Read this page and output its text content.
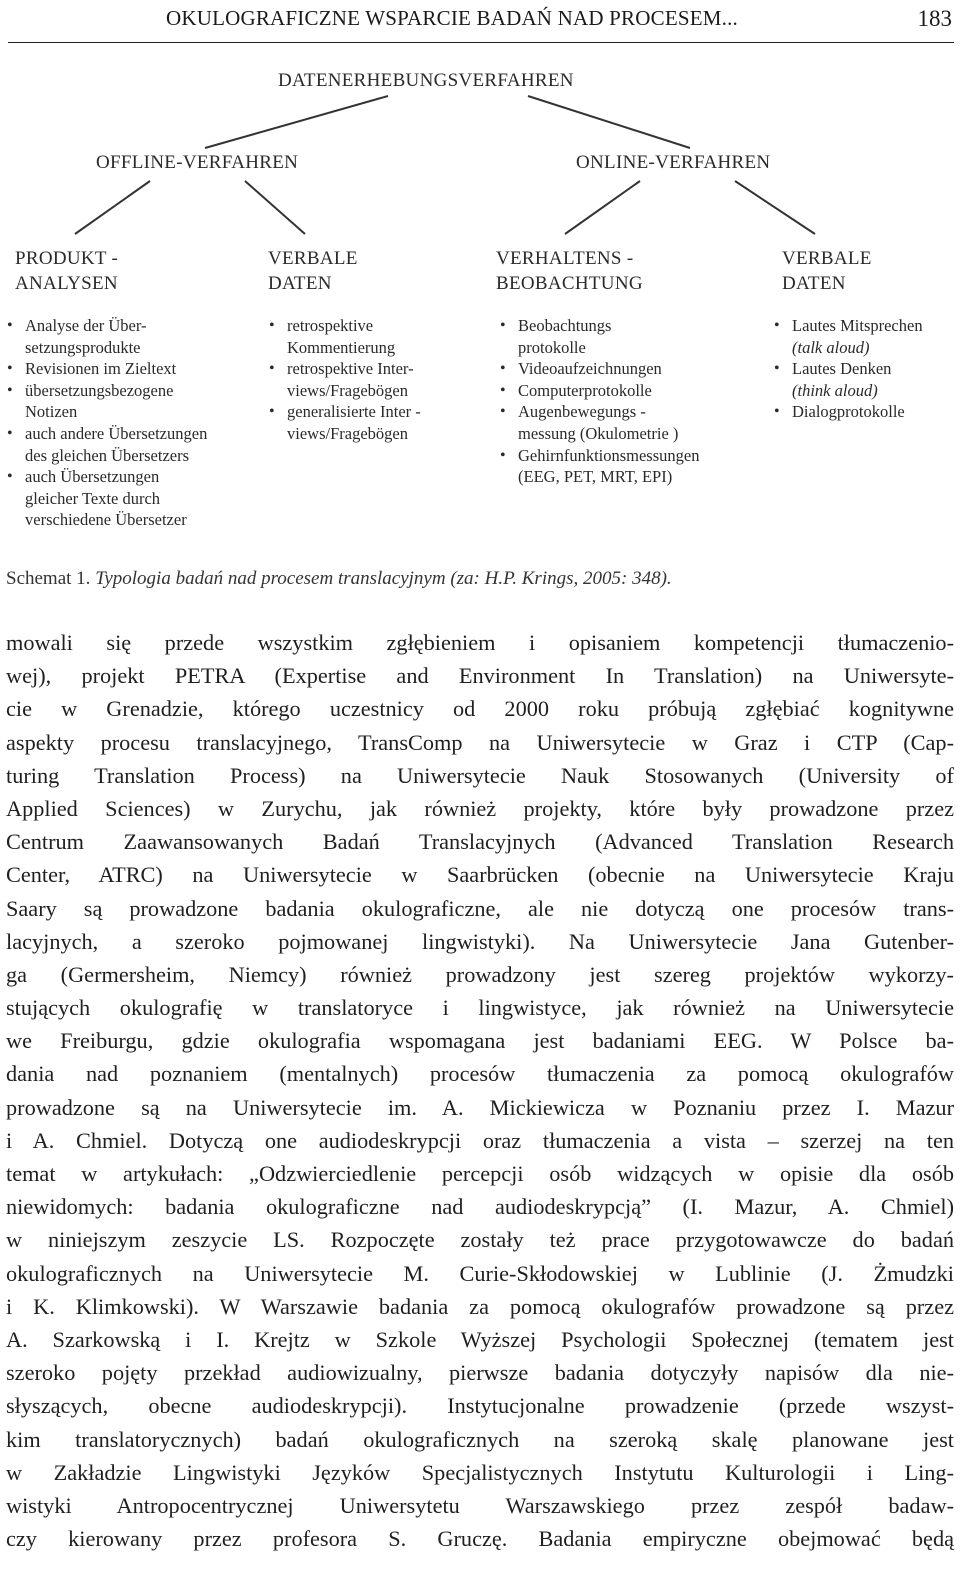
OKULOGRAFICZNE WSPARCIE BADAŃ NAD PROCESEM...	183
DATENERHEBUNGSVERFAHREN
OFFLINE-VERFAHREN	ONLINE-VERFAHREN
PRODUKT -
ANALYSEN
VERBALE
DATEN
VERHALTENS -
BEOBACHTUNG
VERBALE
DATEN
• Analyse der Über-
setzungsprodukte
• Revisionen im Zieltext
• übersetzungsbezogene
Notizen
• auch andere Übersetzungen
des gleichen Übersetzers
• auch Übersetzungen
gleicher Texte durch
verschiedene Übersetzer
• retrospektive
Kommentierung
• retrospektive Inter-
views/Fragebögen
• generalisierte Inter -
views/Fragebögen
• Beobachtungs
protokolle
• Videoaufzeichnungen
• Computerprotokolle
• Augenbewegungs -
messung (Okulometrie )
• Gehirnfunktionsmessungen
(EEG, PET, MRT, EPI)
• Lautes Mitsprechen
(talk aloud)
• Lautes Denken
(think aloud)
• Dialogprotokolle
Schemat 1. Typologia badań nad procesem translacyjnym (za: H.P. Krings, 2005: 348).
mowali się przede wszystkim zgłębieniem i opisaniem kompetencji tłumaczenio-
wej), projekt PETRA (Expertise and Environment In Translation) na Uniwersyte-
cie w Grenadzie, którego uczestnicy od 2000 roku próbują zgłębiać kognitywne
aspekty procesu translacyjnego, TransComp na Uniwersytecie w Graz i CTP (Cap-
turing Translation Process) na Uniwersytecie Nauk Stosowanych (University of
Applied Sciences) w Zurychu, jak również projekty, które były prowadzone przez
Centrum Zaawansowanych Badań Translacyjnych (Advanced Translation Research
Center, ATRC) na Uniwersytecie w Saarbrücken (obecnie na Uniwersytecie Kraju
Saary są prowadzone badania okulograficzne, ale nie dotyczą one procesów trans-
lacyjnych, a szeroko pojmowanej lingwistyki). Na Uniwersytecie Jana Gutenber-
ga (Germersheim, Niemcy) również prowadzony jest szereg projektów wykorzy-
stujących okulografię w translatoryce i lingwistyce, jak również na Uniwersytecie
we Freiburgu, gdzie okulografia wspomagana jest badaniami EEG. W Polsce ba-
dania nad poznaniem (mentalnych) procesów tłumaczenia za pomocą okulografów
prowadzone są na Uniwersytecie im. A. Mickiewicza w Poznaniu przez I. Mazur
i A. Chmiel. Dotyczą one audiodeskrypcji oraz tłumaczenia a vista – szerzej na ten
temat w artykułach: „Odzwierciedlenie percepcji osób widzących w opisie dla osób
niewidomych: badania okulograficzne nad audiodeskrypcją” (I. Mazur, A. Chmiel)
w niniejszym zeszycie LS. Rozpoczęte zostały też prace przygotowawcze do badań
okulograficznych na Uniwersytecie M. Curie-Skłodowskiej w Lublinie (J. Żmudzki
i K. Klimkowski). W Warszawie badania za pomocą okulografów prowadzone są przez
A. Szarkowską i I. Krejtz w Szkole Wyższej Psychologii Społecznej (tematem jest
szeroko pojęty przekład audiowizualny, pierwsze badania dotyczyły napisów dla nie-
słyszących, obecne audiodeskrypcji). Instytucjonalne prowadzenie (przede wszyst-
kim translatorycznych) badań okulograficznych na szeroką skalę planowane jest
w Zakładzie Lingwistyki Języków Specjalistycznych Instytutu Kulturologii i Ling-
wistyki Antropocentrycznej Uniwersytetu Warszawskiego przez zespół badaw-
czy kierowany przez profesora S. Gruczę. Badania empiryczne obejmować będą
